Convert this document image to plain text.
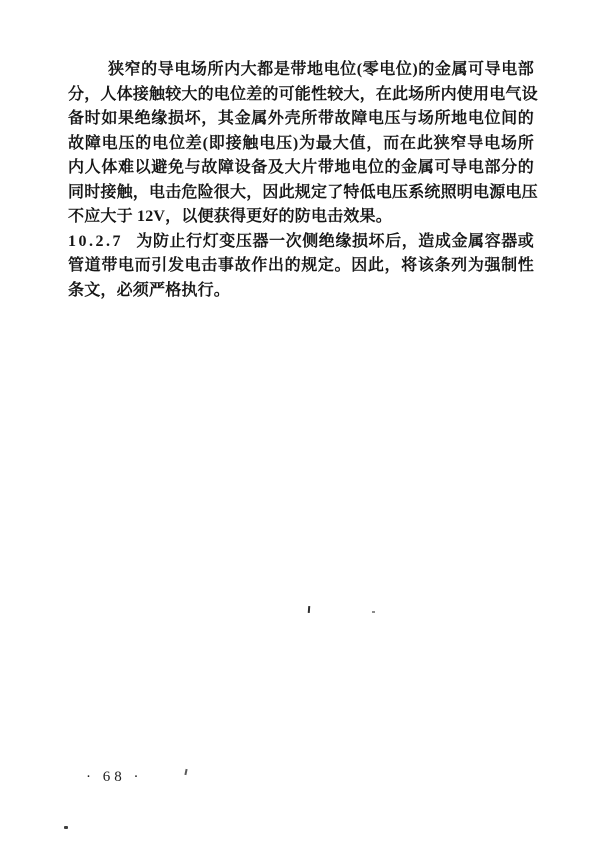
狭窄的导电场所内大都是带地电位(零电位)的金属可导电部
分，人体接触较大的电位差的可能性较大，在此场所内使用电气设
备时如果绝缘损坏，其金属外壳所带故障电压与场所地电位间的
故障电压的电位差(即接触电压)为最大值，而在此狭窄导电场所
内人体难以避免与故障设备及大片带地电位的金属可导电部分的
同时接触，电击危险很大，因此规定了特低电压系统照明电源电压
不应大于 12V，以便获得更好的防电击效果。
10.2.7 为防止行灯变压器一次侧绝缘损坏后，造成金属容器或
管道带电而引发电击事故作出的规定。因此，将该条列为强制性
条文，必须严格执行。
· 68 ·
